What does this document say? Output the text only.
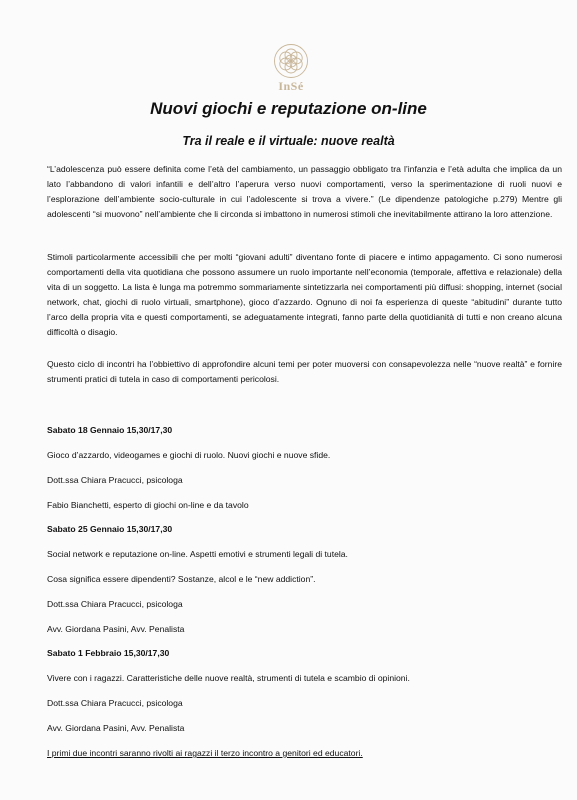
InSé
Nuovi giochi e reputazione on-line
Tra il reale e il virtuale: nuove realtà
“L’adolescenza può essere definita come l’età del cambiamento, un passaggio obbligato tra l’infanzia e l’età adulta che implica da un lato l’abbandono di valori infantili e dell’altro l’aperura verso nuovi comportamenti, verso la sperimentazione di ruoli nuovi e l’esplorazione dell’ambiente socio-culturale in cui l’adolescente si trova a vivere.” (Le dipendenze patologiche p.279) Mentre gli adolescenti “si muovono” nell’ambiente che li circonda si imbattono in numerosi stimoli che inevitabilmente attirano la loro attenzione.
Stimoli particolarmente accessibili che per molti “giovani adulti” diventano fonte di piacere e intimo appagamento. Ci sono numerosi comportamenti della vita quotidiana che possono assumere un ruolo importante nell’economia (temporale, affettiva e relazionale) della vita di un soggetto. La lista è lunga ma potremmo sommariamente sintetizzarla nei comportamenti più diffusi: shopping, internet (social network, chat, giochi di ruolo virtuali, smartphone), gioco d’azzardo. Ognuno di noi fa esperienza di queste “abitudini” durante tutto l’arco della propria vita e questi comportamenti, se adeguatamente integrati, fanno parte della quotidianità di tutti e non creano alcuna difficoltà o disagio.
Questo ciclo di incontri ha l’obbiettivo di approfondire alcuni temi per poter muoversi con consapevolezza nelle “nuove realtà” e fornire strumenti pratici di tutela in caso di comportamenti pericolosi.
Sabato 18 Gennaio 15,30/17,30
Gioco d’azzardo, videogames e giochi di ruolo. Nuovi giochi e nuove sfide.
Dott.ssa Chiara Pracucci, psicologa
Fabio Bianchetti, esperto di giochi on-line e da tavolo
Sabato 25 Gennaio 15,30/17,30
Social network e reputazione on-line. Aspetti emotivi e strumenti legali di tutela.
Cosa significa essere dipendenti? Sostanze, alcol e le “new addiction”.
Dott.ssa Chiara Pracucci, psicologa
Avv. Giordana Pasini, Avv. Penalista
Sabato 1 Febbraio 15,30/17,30
Vivere con i ragazzi. Caratteristiche delle nuove realtà, strumenti di tutela e scambio di opinioni.
Dott.ssa Chiara Pracucci, psicologa
Avv. Giordana Pasini, Avv. Penalista
I primi due incontri saranno rivolti ai ragazzi il terzo incontro a genitori ed educatori.
